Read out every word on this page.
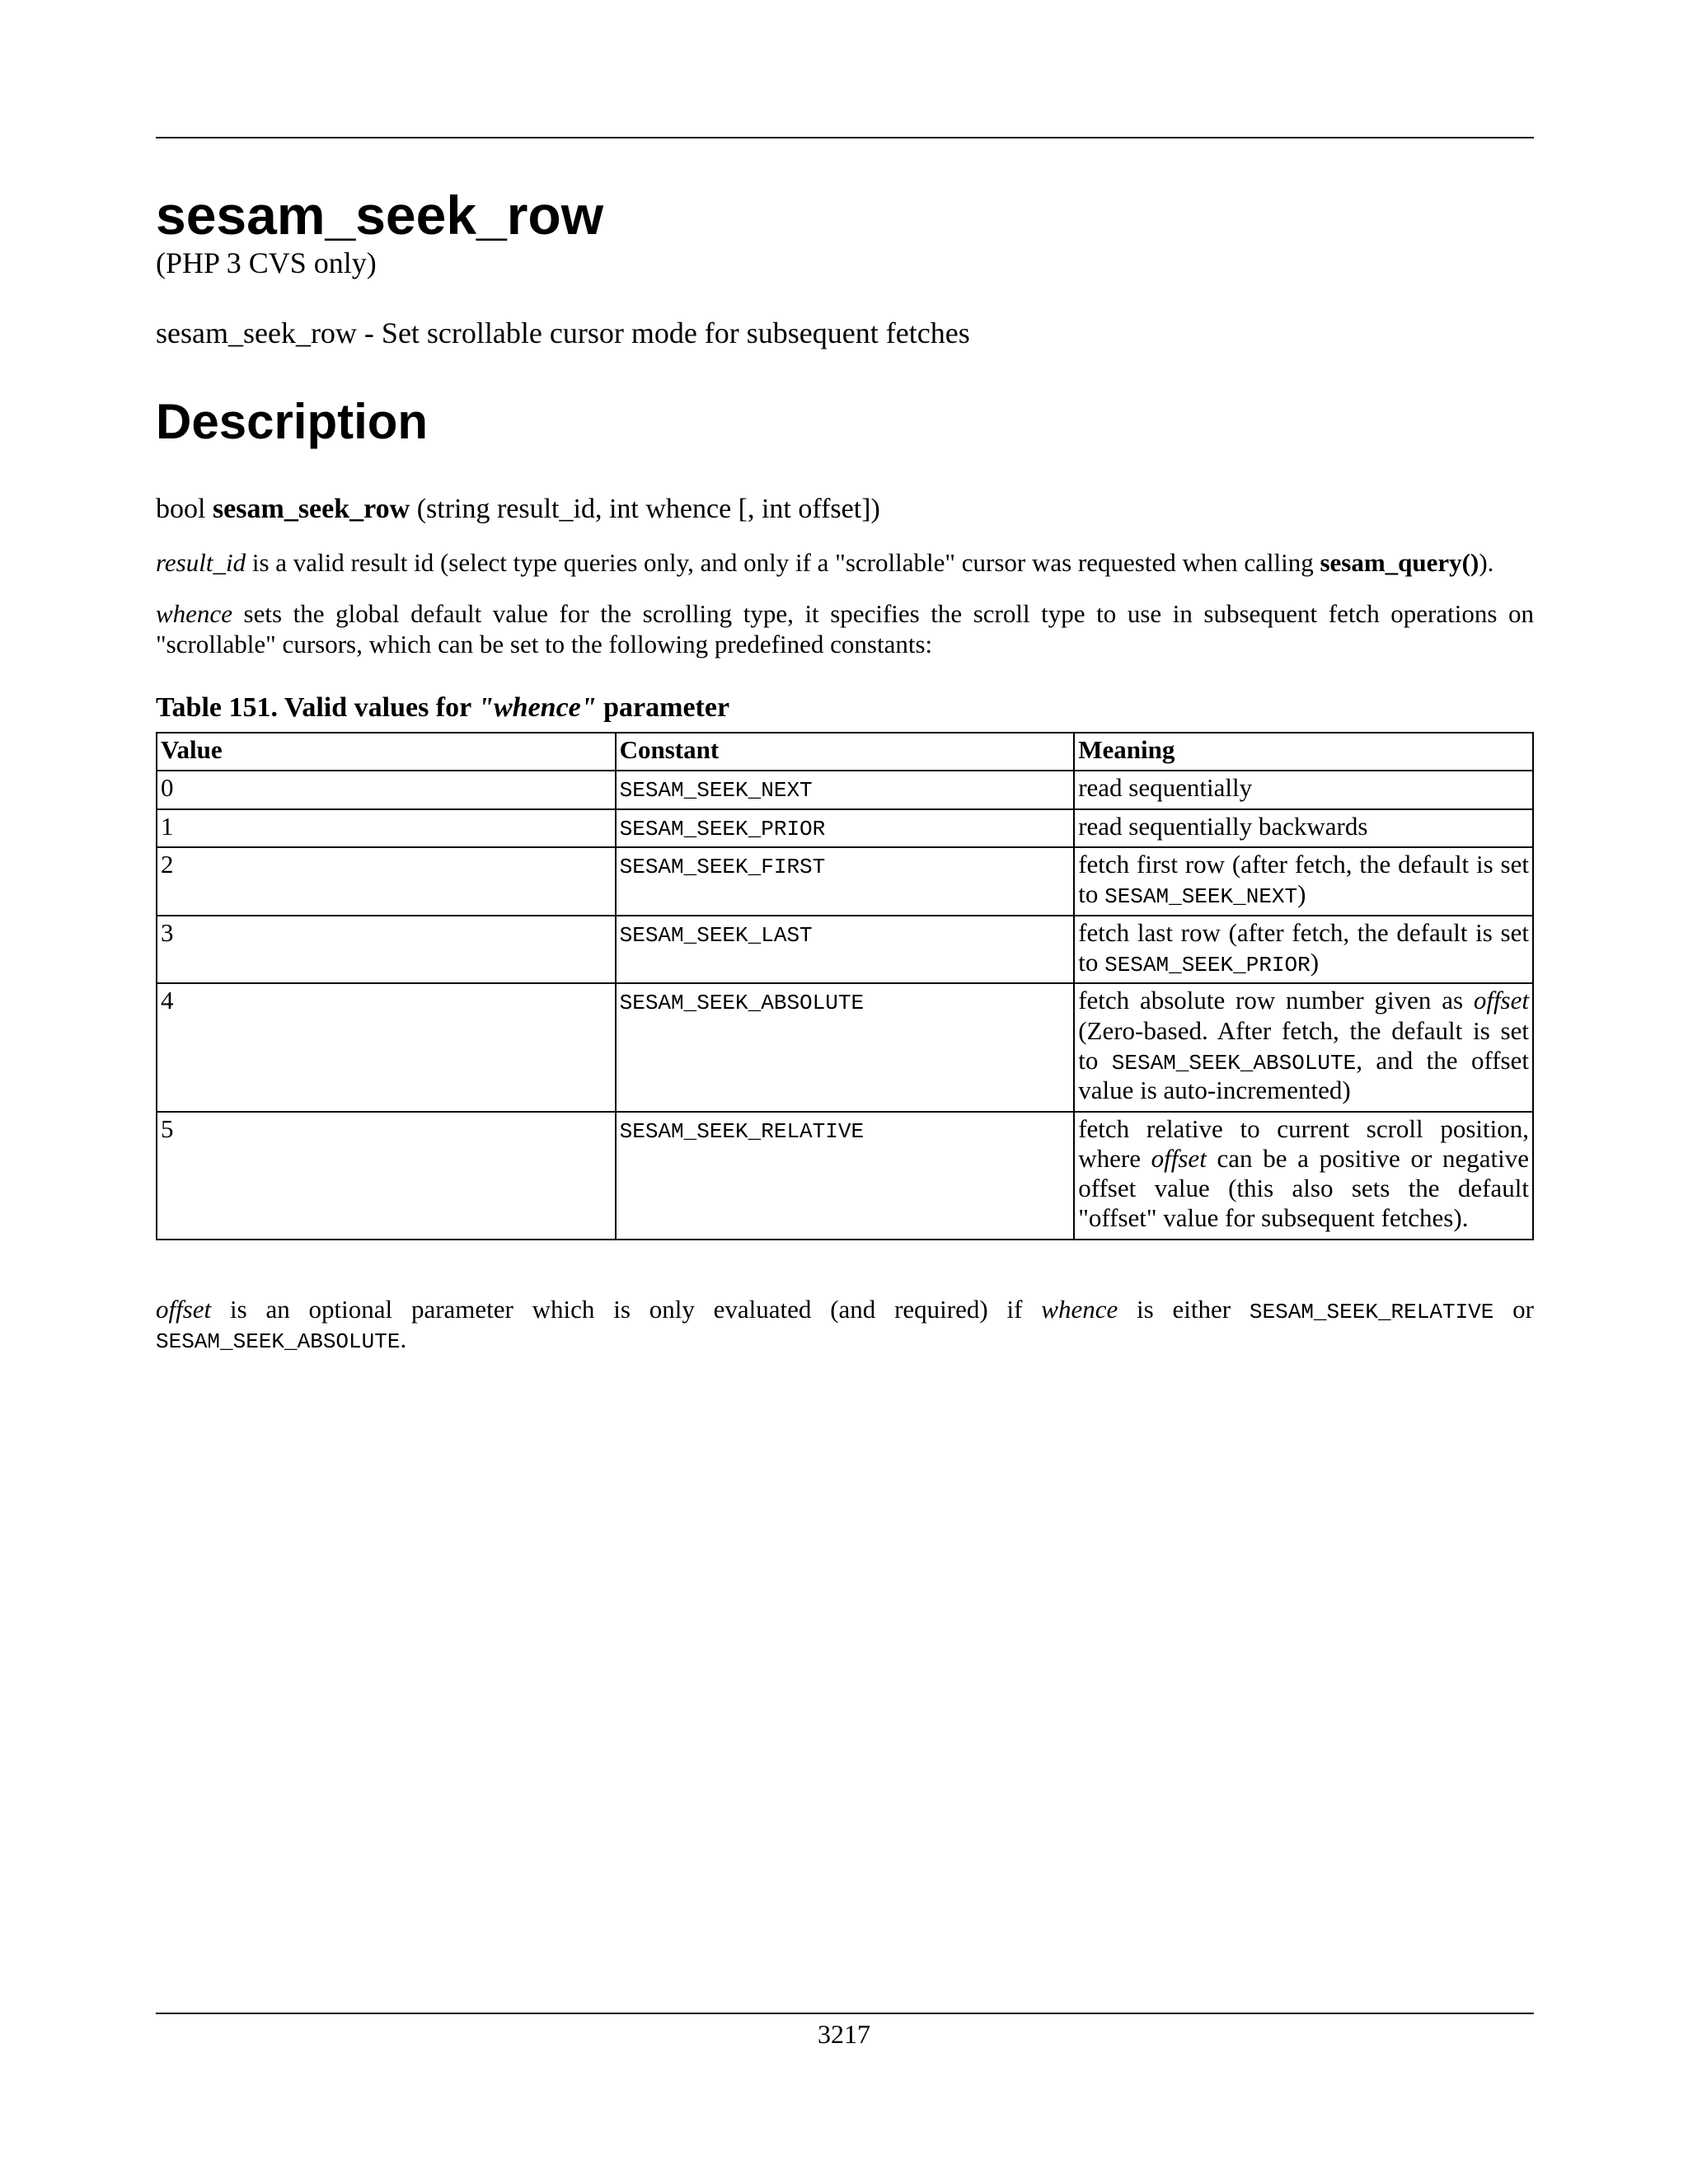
sesam_seek_row
(PHP 3 CVS only)
sesam_seek_row - Set scrollable cursor mode for subsequent fetches
Description
bool sesam_seek_row (string result_id, int whence [, int offset])

result_id is a valid result id (select type queries only, and only if a "scrollable" cursor was requested when calling sesam_query()).

whence sets the global default value for the scrolling type, it specifies the scroll type to use in subsequent fetch operations on "scrollable" cursors, which can be set to the following predefined constants:

Table 151. Valid values for "whence" parameter
Value	Constant	Meaning
0	SESAM_SEEK_NEXT	read sequentially
1	SESAM_SEEK_PRIOR	read sequentially backwards
2	SESAM_SEEK_FIRST	fetch first row (after fetch, the default is set to SESAM_SEEK_NEXT)
3	SESAM_SEEK_LAST	fetch last row (after fetch, the default is set to SESAM_SEEK_PRIOR)
4	SESAM_SEEK_ABSOLUTE	fetch absolute row number given as offset (Zero-based. After fetch, the default is set to SESAM_SEEK_ABSOLUTE, and the offset value is auto-incremented)
5	SESAM_SEEK_RELATIVE	fetch relative to current scroll position, where offset can be a positive or negative offset value (this also sets the default "offset" value for subsequent fetches).

offset is an optional parameter which is only evaluated (and required) if whence is either SESAM_SEEK_RELATIVE or SESAM_SEEK_ABSOLUTE.

3217
